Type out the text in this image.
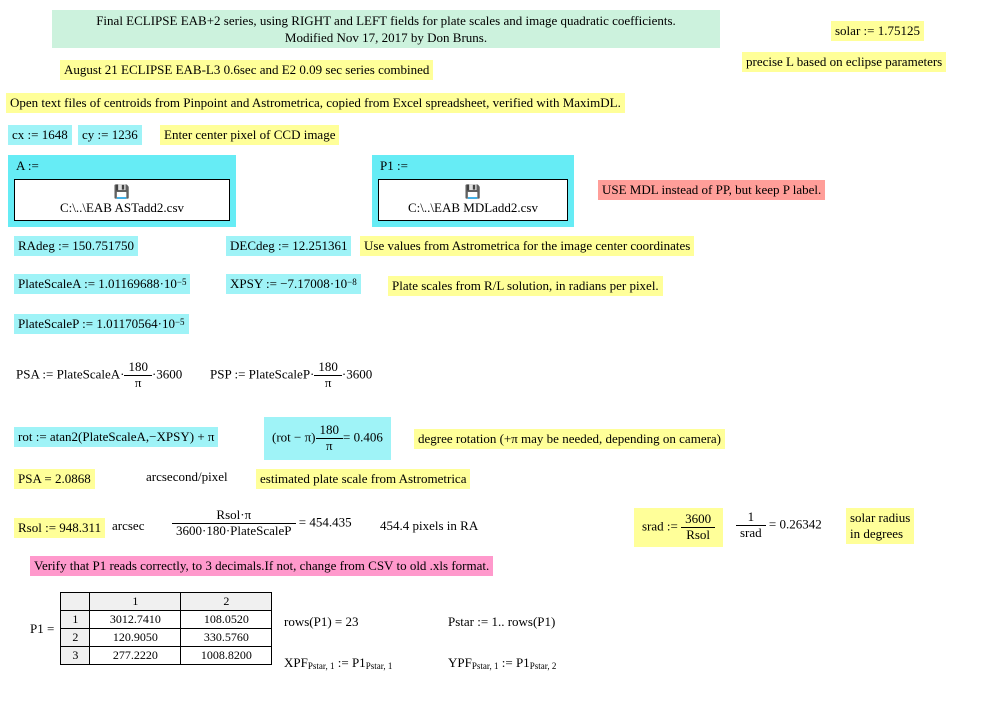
Final ECLIPSE EAB+2 series, using RIGHT and LEFT fields for plate scales and image quadratic coefficients.
Modified Nov 17, 2017 by Don Bruns.	solar := 1.75125
August 21 ECLIPSE EAB-L3 0.6sec and E2 0.09 sec series combined
precise L based on eclipse parameters
Open text files of centroids from Pinpoint and Astrometrica, copied from Excel spreadsheet, verified with MaximDL.
cx := 1648	cy := 1236	Enter center pixel of CCD image
A :=
💾
C:\..\EAB ASTadd2.csv
P1 :=
💾
C:\..\EAB MDLadd2.csv
USE MDL instead of PP, but keep P label.
RAdeg := 150.751750	DECdeg := 12.251361	Use values from Astrometrica for the image center coordinates
PlateScaleA := $1.01169688\cdot 10^{-5}$	XPSY := $-7.17008\cdot 10^{-8}$	Plate scales from R/L solution, in radians per pixel.
PlateScaleP := $1.01170564\cdot 10^{-5}$
PSA := PlateScaleA· $\frac{180}{\pi} \cdot 3600$ PSP := PlateScaleP· $\frac{180}{\pi} \cdot 3600$
rot := atan2(PlateScaleA,−XPSY) + π	$(rot - \pi) \frac{180}{\pi} = 0.406$	degree rotation (+π may be needed, depending on camera)
PSA = 2.0868	arcsecond/pixel	estimated plate scale from Astrometrica
Rsol := 948.311 arcsec $\frac{\text{Rsol·π}}{\text{3600·180·PlateScaleP}} = 454.435$ 454.4 pixels in RA	srad := $\frac{3600}{\text{Rsol}} \frac{1}{\text{srad}} = 0.26342$ solar radius
in degrees
Verify that P1 reads correctly, to 3 decimals.If not, change from CSV to old .xls format.
P1 =
	1	2
1	3012.7410	108.0520
2	120.9050	330.5760
3	277.2220	1008.8200
rows(P1) = 23	Pstar := 1.. rows(P1)
$XPF_{Pstar, 1}$ := $P1_{Pstar, 1}$	$YPF_{Pstar, 1}$ := $P1_{Pstar, 2}$
